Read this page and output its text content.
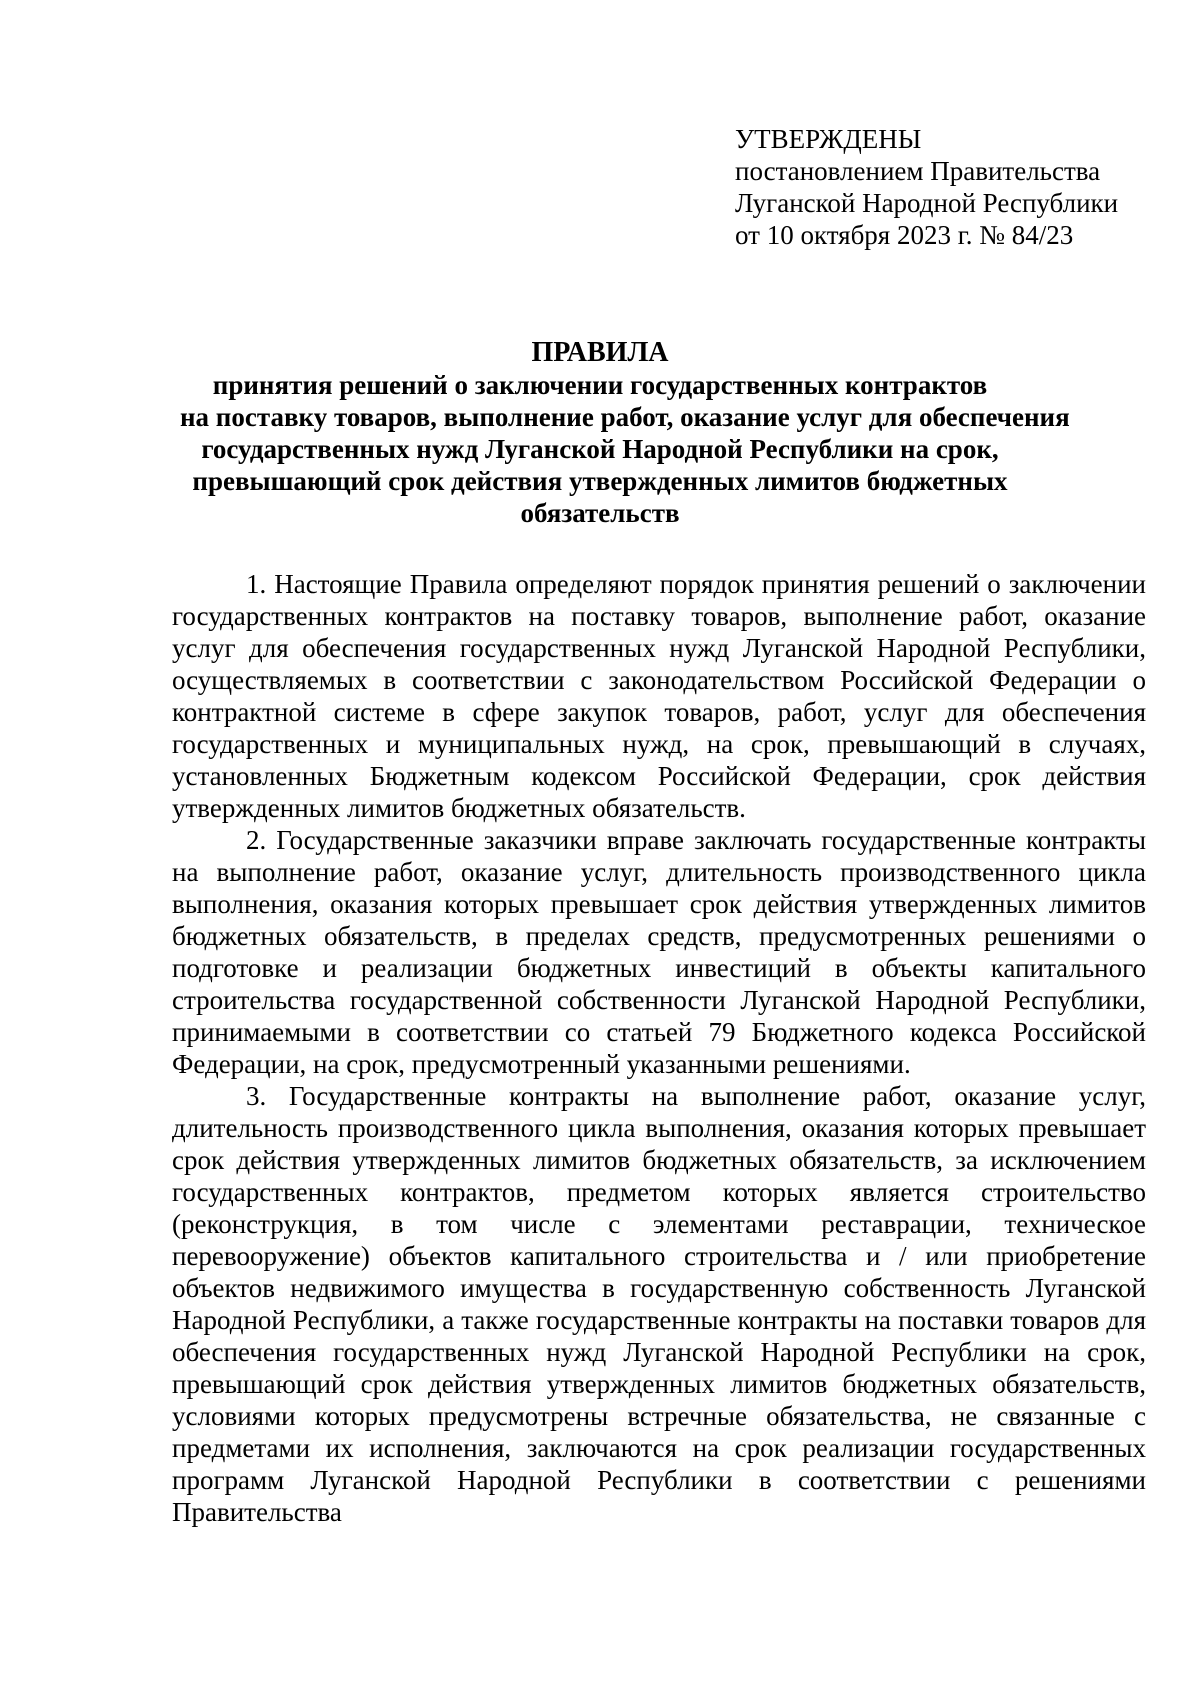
УТВЕРЖДЕНЫ
постановлением Правительства
Луганской Народной Республики
от 10 октября 2023 г. № 84/23
ПРАВИЛА
принятия решений о заключении государственных контрактов
на поставку товаров, выполнение работ, оказание услуг для обеспечения
государственных нужд Луганской Народной Республики на срок,
превышающий срок действия утвержденных лимитов бюджетных
обязательств

1. Настоящие Правила определяют порядок принятия решений о заключении государственных контрактов на поставку товаров, выполнение работ, оказание услуг для обеспечения государственных нужд Луганской Народной Республики, осуществляемых в соответствии с законодательством Российской Федерации о контрактной системе в сфере закупок товаров, работ, услуг для обеспечения государственных и муниципальных нужд, на срок, превышающий в случаях, установленных Бюджетным кодексом Российской Федерации, срок действия утвержденных лимитов бюджетных обязательств.

2. Государственные заказчики вправе заключать государственные контракты на выполнение работ, оказание услуг, длительность производственного цикла выполнения, оказания которых превышает срок действия утвержденных лимитов бюджетных обязательств, в пределах средств, предусмотренных решениями о подготовке и реализации бюджетных инвестиций в объекты капитального строительства государственной собственности Луганской Народной Республики, принимаемыми в соответствии со статьей 79 Бюджетного кодекса Российской Федерации, на срок, предусмотренный указанными решениями.

3. Государственные контракты на выполнение работ, оказание услуг, длительность производственного цикла выполнения, оказания которых превышает срок действия утвержденных лимитов бюджетных обязательств, за исключением государственных контрактов, предметом которых является строительство (реконструкция, в том числе с элементами реставрации, техническое перевооружение) объектов капитального строительства и / или приобретение объектов недвижимого имущества в государственную собственность Луганской Народной Республики, а также государственные контракты на поставки товаров для обеспечения государственных нужд Луганской Народной Республики на срок, превышающий срок действия утвержденных лимитов бюджетных обязательств, условиями которых предусмотрены встречные обязательства, не связанные с предметами их исполнения, заключаются на срок реализации государственных программ Луганской Народной Республики в соответствии с решениями Правительства
